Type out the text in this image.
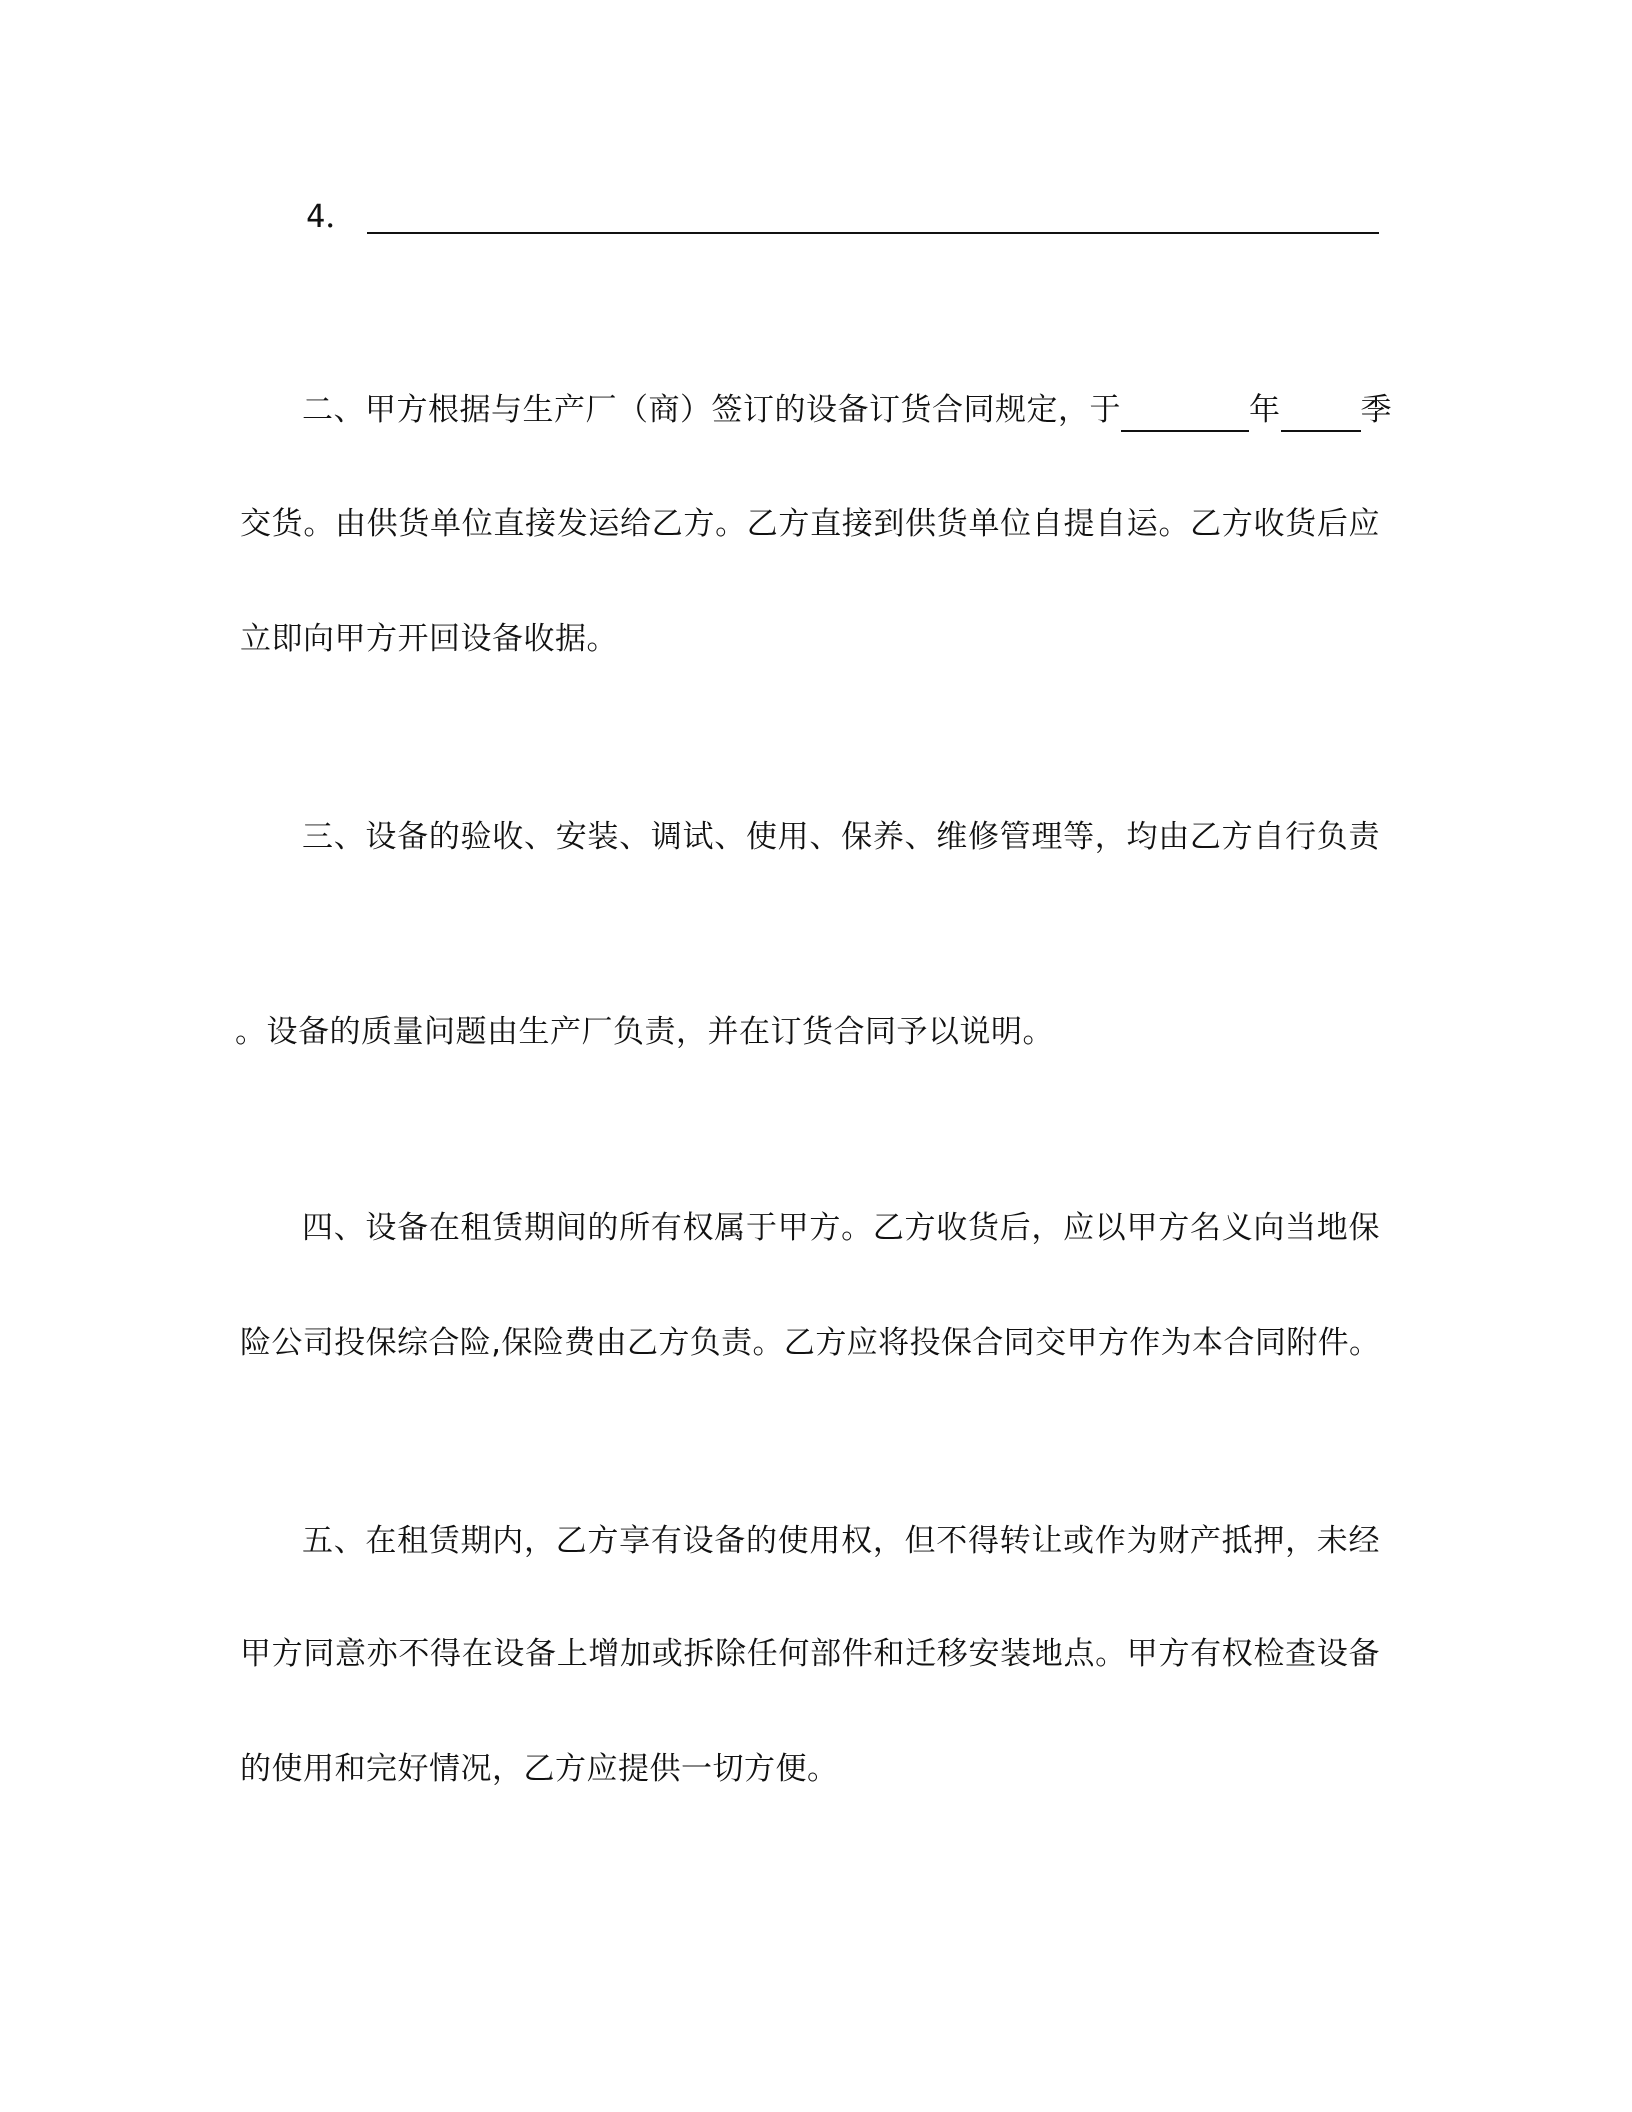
4．
二、甲方根据与生产厂（商）签订的设备订货合同规定，于	年	季
交货。由供货单位直接发运给乙方。乙方直接到供货单位自提自运。乙方收货后应
立即向甲方开回设备收据。
三、设备的验收、安装、调试、使用、保养、维修管理等，均由乙方自行负责
。设备的质量问题由生产厂负责，并在订货合同予以说明。
四、设备在租赁期间的所有权属于甲方。乙方收货后，应以甲方名义向当地保
险公司投保综合险,保险费由乙方负责。乙方应将投保合同交甲方作为本合同附件。
五、在租赁期内，乙方享有设备的使用权，但不得转让或作为财产抵押，未经
甲方同意亦不得在设备上增加或拆除任何部件和迁移安装地点。甲方有权检查设备
的使用和完好情况，乙方应提供一切方便。
